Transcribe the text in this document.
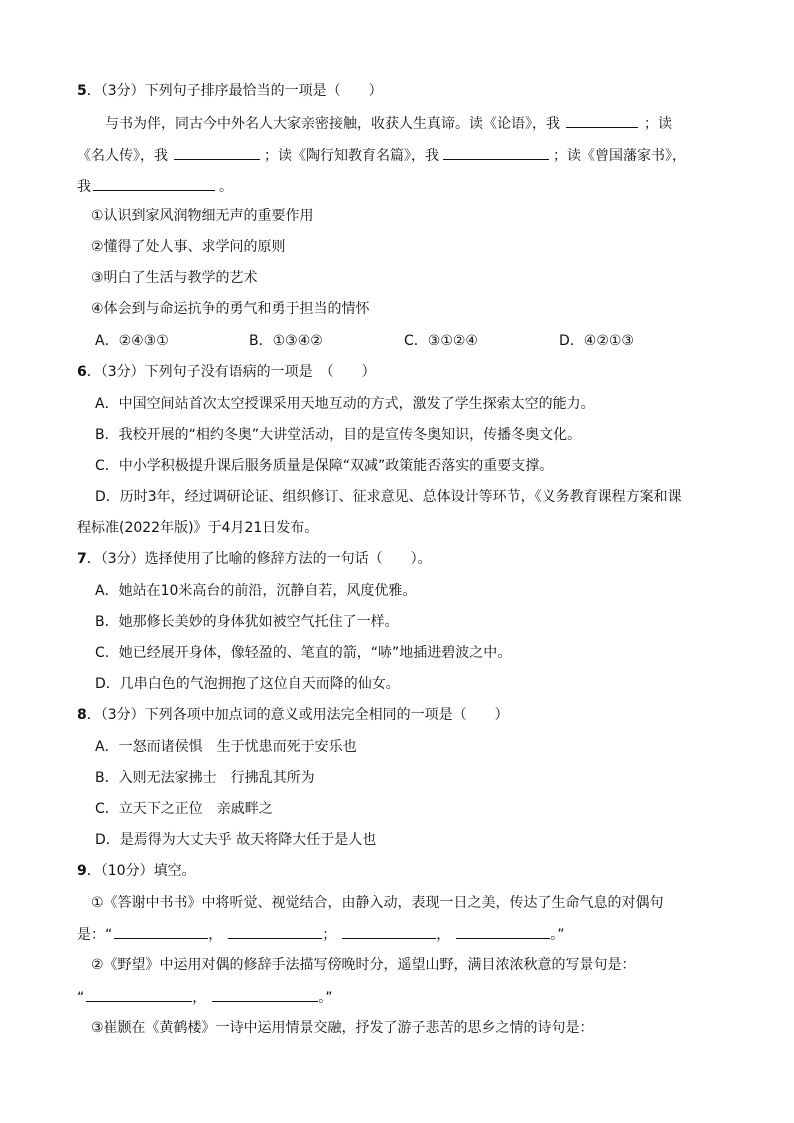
5．（3分）下列句子排序最恰当的一项是（　　）
与书为伴，同古今中外名人大家亲密接触，收获人生真谛。读《论语》，我	；读
《名人传》，我	；读《陶行知教育名篇》，我	；读《曾国藩家书》，
我	。
①认识到家风润物细无声的重要作用
②懂得了处人事、求学问的原则
③明白了生活与教学的艺术
④体会到与命运抗争的勇气和勇于担当的情怀
A．②④③①	B．①③④②	C．③①②④	D．④②①③
6．（3分）下列句子没有语病的一项是　（　　）
A．中国空间站首次太空授课采用天地互动的方式，激发了学生探索太空的能力。
B．我校开展的“相约冬奥”大讲堂活动，目的是宣传冬奥知识，传播冬奥文化。
C．中小学积极提升课后服务质量是保障“双减”政策能否落实的重要支撑。
D．历时3年，经过调研论证、组织修订、征求意见、总体设计等环节，《义务教育课程方案和课
程标准(2022年版)》于4月21日发布。
7．（3分）选择使用了比喻的修辞方法的一句话（　　）。
A．她站在10米高台的前沿，沉静自若，风度优雅。
B．她那修长美妙的身体犹如被空气托住了一样。
C．她已经展开身体，像轻盈的、笔直的箭，“哧”地插进碧波之中。
D．几串白色的气泡拥抱了这位自天而降的仙女。
8．（3分）下列各项中加点词的意义或用法完全相同的一项是（　　）
A．一怒而诸侯惧　生于忧患而死于安乐也
B．入则无法家拂士　行拂乱其所为
C．立天下之正位　亲戚畔之
D．是焉得为大丈夫乎 故天将降大任于是人也
9．（10分）填空。
①《答谢中书书》中将听觉、视觉结合，由静入动，表现一日之美，传达了生命气息的对偶句
是：“	，	；	，	。”
②《野望》中运用对偶的修辞手法描写傍晚时分，遥望山野，满目浓浓秋意的写景句是：
“	，	。”
③崔颢在《黄鹤楼》一诗中运用情景交融，抒发了游子悲苦的思乡之情的诗句是：
